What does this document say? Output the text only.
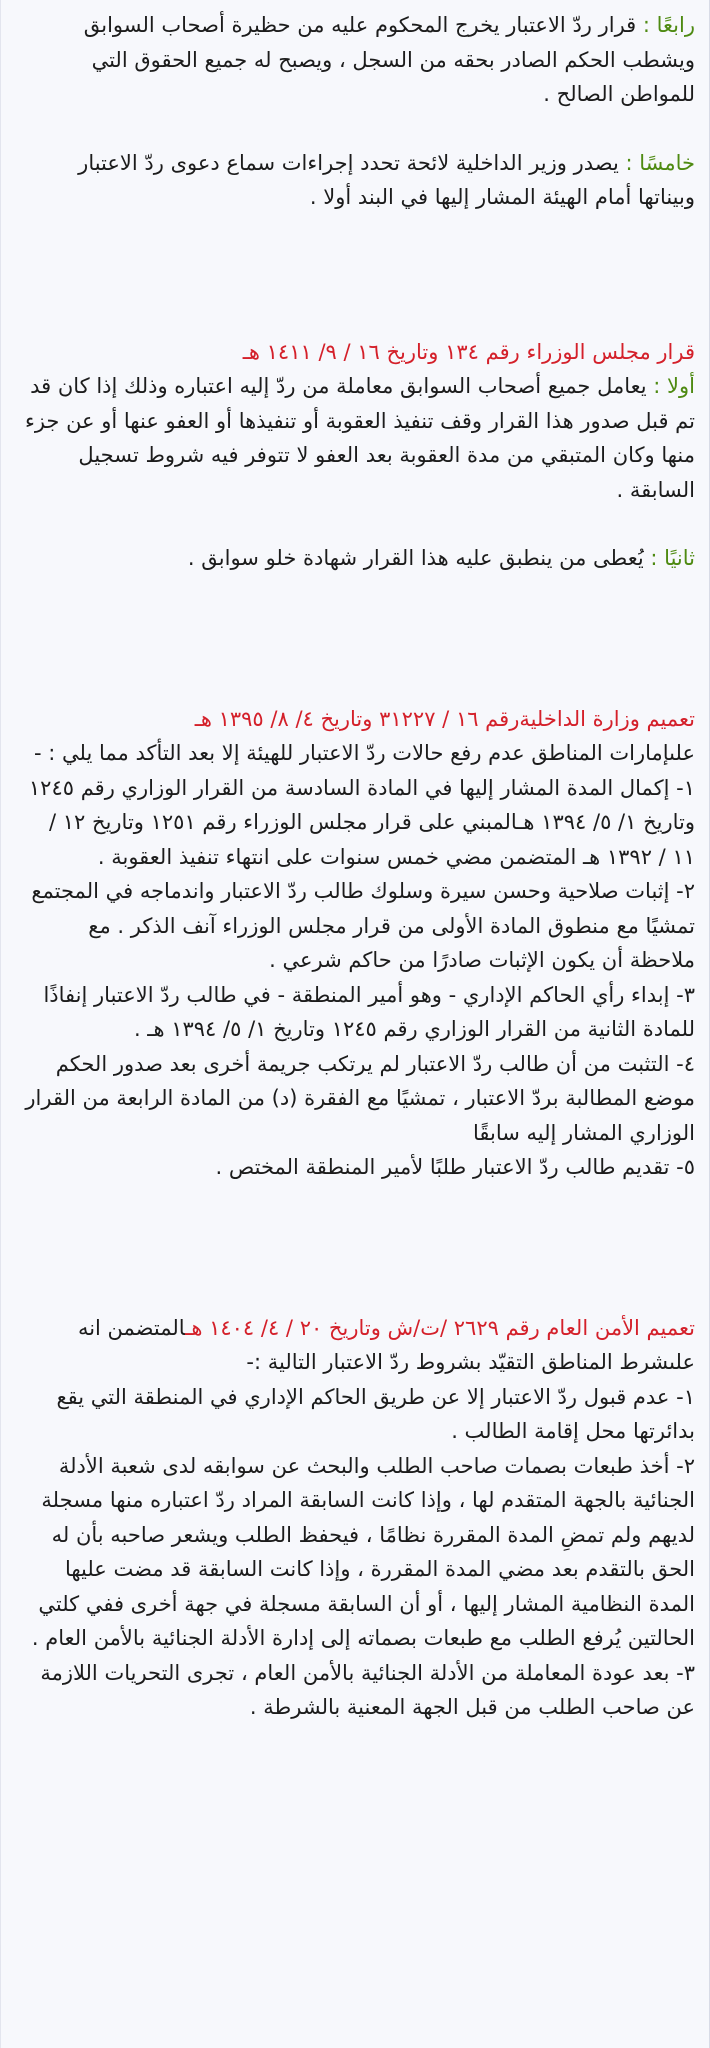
رابعًا : قرار ردّ الاعتبار يخرج المحكوم عليه من حظيرة أصحاب السوابق ويشطب الحكم الصادر بحقه من السجل ، ويصبح له جميع الحقوق التي للمواطن الصالح .

خامسًا : يصدر وزير الداخلية لائحة تحدد إجراءات سماع دعوى ردّ الاعتبار وبيناتها أمام الهيئة المشار إليها في البند أولا .

قرار مجلس الوزراء رقم ١٣٤ وتاريخ ١٦ / ٩/ ١٤١١ هـ

أولا : يعامل جميع أصحاب السوابق معاملة من ردّ إليه اعتباره وذلك إذا كان قد تم قبل صدور هذا القرار وقف تنفيذ العقوبة أو تنفيذها أو العفو عنها أو عن جزء منها وكان المتبقي من مدة العقوبة بعد العفو لا تتوفر فيه شروط تسجيل السابقة .

ثانيًا : يُعطى من ينطبق عليه هذا القرار شهادة خلو سوابق .

تعميم وزارة الداخليةرقم ١٦ / ٣١٢٢٧ وتاريخ ٤/ ٨/ ١٣٩٥ هـ

علىإمارات المناطق عدم رفع حالات ردّ الاعتبار للهيئة إلا بعد التأكد مما يلي : -

١- إكمال المدة المشار إليها في المادة السادسة من القرار الوزاري رقم ١٢٤٥ وتاريخ ١/ ٥/ ١٣٩٤ هـالمبني على قرار مجلس الوزراء رقم ١٢٥١ وتاريخ ١٢ / ١١ / ١٣٩٢ هـ المتضمن مضي خمس سنوات على انتهاء تنفيذ العقوبة .

٢- إثبات صلاحية وحسن سيرة وسلوك طالب ردّ الاعتبار واندماجه في المجتمع تمشيًا مع منطوق المادة الأولى من قرار مجلس الوزراء آنف الذكر . مع ملاحظة أن يكون الإثبات صادرًا من حاكم شرعي .

٣- إبداء رأي الحاكم الإداري - وهو أمير المنطقة - في طالب ردّ الاعتبار إنفاذًا للمادة الثانية من القرار الوزاري رقم ١٢٤٥ وتاريخ ١/ ٥/ ١٣٩٤ هـ .

٤- التثبت من أن طالب ردّ الاعتبار لم يرتكب جريمة أخرى بعد صدور الحكم موضع المطالبة بردّ الاعتبار ، تمشيًا مع الفقرة (د) من المادة الرابعة من القرار الوزاري المشار إليه سابقًا

٥- تقديم طالب ردّ الاعتبار طلبًا لأمير المنطقة المختص .

تعميم الأمن العام رقم ٢٦٢٩ /ت/ش وتاريخ ٢٠ / ٤/ ١٤٠٤ هـالمتضمن انه علىشرط المناطق التقيّد بشروط ردّ الاعتبار التالية :-

١- عدم قبول ردّ الاعتبار إلا عن طريق الحاكم الإداري في المنطقة التي يقع بدائرتها محل إقامة الطالب .

٢- أخذ طبعات بصمات صاحب الطلب والبحث عن سوابقه لدى شعبة الأدلة الجنائية بالجهة المتقدم لها ، وإذا كانت السابقة المراد ردّ اعتباره منها مسجلة لديهم ولم تمضِ المدة المقررة نظامًا ، فيحفظ الطلب ويشعر صاحبه بأن له الحق بالتقدم بعد مضي المدة المقررة ، وإذا كانت السابقة قد مضت عليها المدة النظامية المشار إليها ، أو أن السابقة مسجلة في جهة أخرى ففي كلتي الحالتين يُرفع الطلب مع طبعات بصماته إلى إدارة الأدلة الجنائية بالأمن العام .

٣- بعد عودة المعاملة من الأدلة الجنائية بالأمن العام ، تجرى التحريات اللازمة عن صاحب الطلب من قبل الجهة المعنية بالشرطة .
